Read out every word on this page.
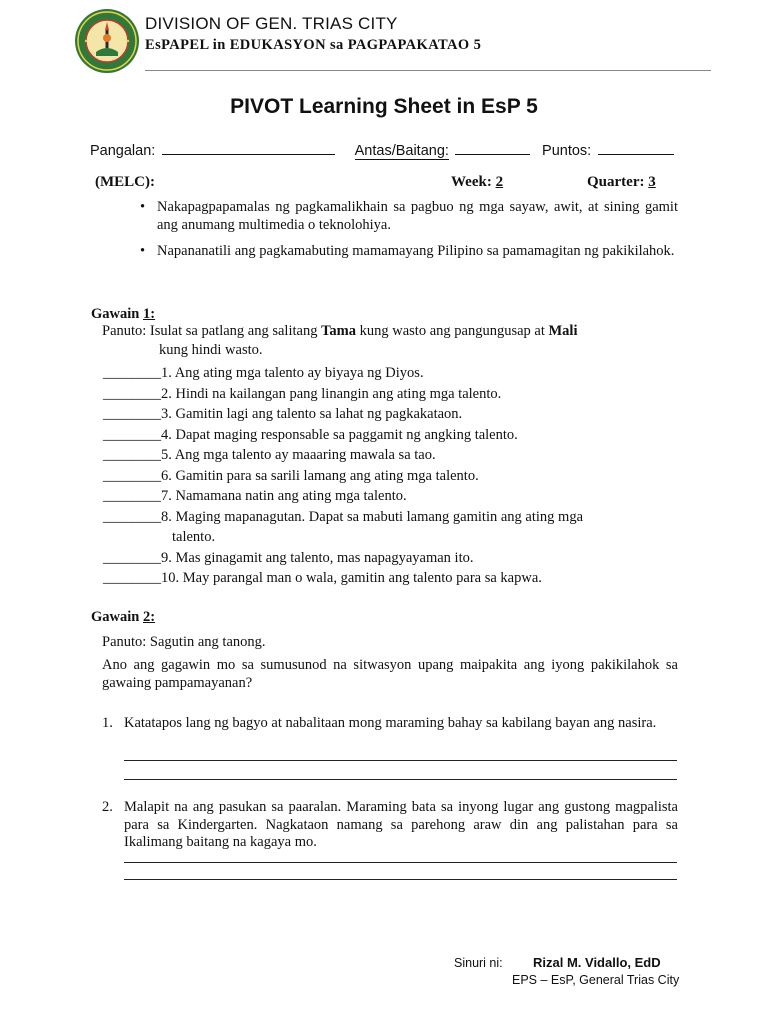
DIVISION OF GEN. TRIAS CITY
EsPAPEL in EDUKASYON sa PAGPAPAKATAO 5
PIVOT Learning Sheet in EsP 5
Pangalan:	Antas/Baitang:	Puntos:
(MELC):	Week: 2	Quarter: 3
• Nakapagpapamalas ng pagkamalikhain sa pagbuo ng mga sayaw, awit, at sining gamit ang anumang multimedia o teknolohiya.
• Napananatili ang pagkamabuting mamamayang Pilipino sa pamamagitan ng pakikilahok.
Gawain 1:
Panuto: Isulat sa patlang ang salitang Tama kung wasto ang pangungusap at Mali
kung hindi wasto.
________1. Ang ating mga talento ay biyaya ng Diyos.
________2. Hindi na kailangan pang linangin ang ating mga talento.
________3. Gamitin lagi ang talento sa lahat ng pagkakataon.
________4. Dapat maging responsable sa paggamit ng angking talento.
________5. Ang mga talento ay maaaring mawala sa tao.
________6. Gamitin para sa sarili lamang ang ating mga talento.
________7. Namamana natin ang ating mga talento.
________8. Maging mapanagutan. Dapat sa mabuti lamang gamitin ang ating mga
talento.
________9. Mas ginagamit ang talento, mas napagyayaman ito.
________10. May parangal man o wala, gamitin ang talento para sa kapwa.
Gawain 2:
Panuto: Sagutin ang tanong.
Ano ang gagawin mo sa sumusunod na sitwasyon upang maipakita ang iyong pakikilahok sa gawaing pampamayanan?
1. Katatapos lang ng bagyo at nabalitaan mong maraming bahay sa kabilang bayan ang nasira.
2. Malapit na ang pasukan sa paaralan. Maraming bata sa inyong lugar ang gustong magpalista para sa Kindergarten. Nagkataon namang sa parehong araw din ang palistahan para sa Ikalimang baitang na kagaya mo.
Sinuri ni: Rizal M. Vidallo, EdD
EPS – EsP, General Trias City
